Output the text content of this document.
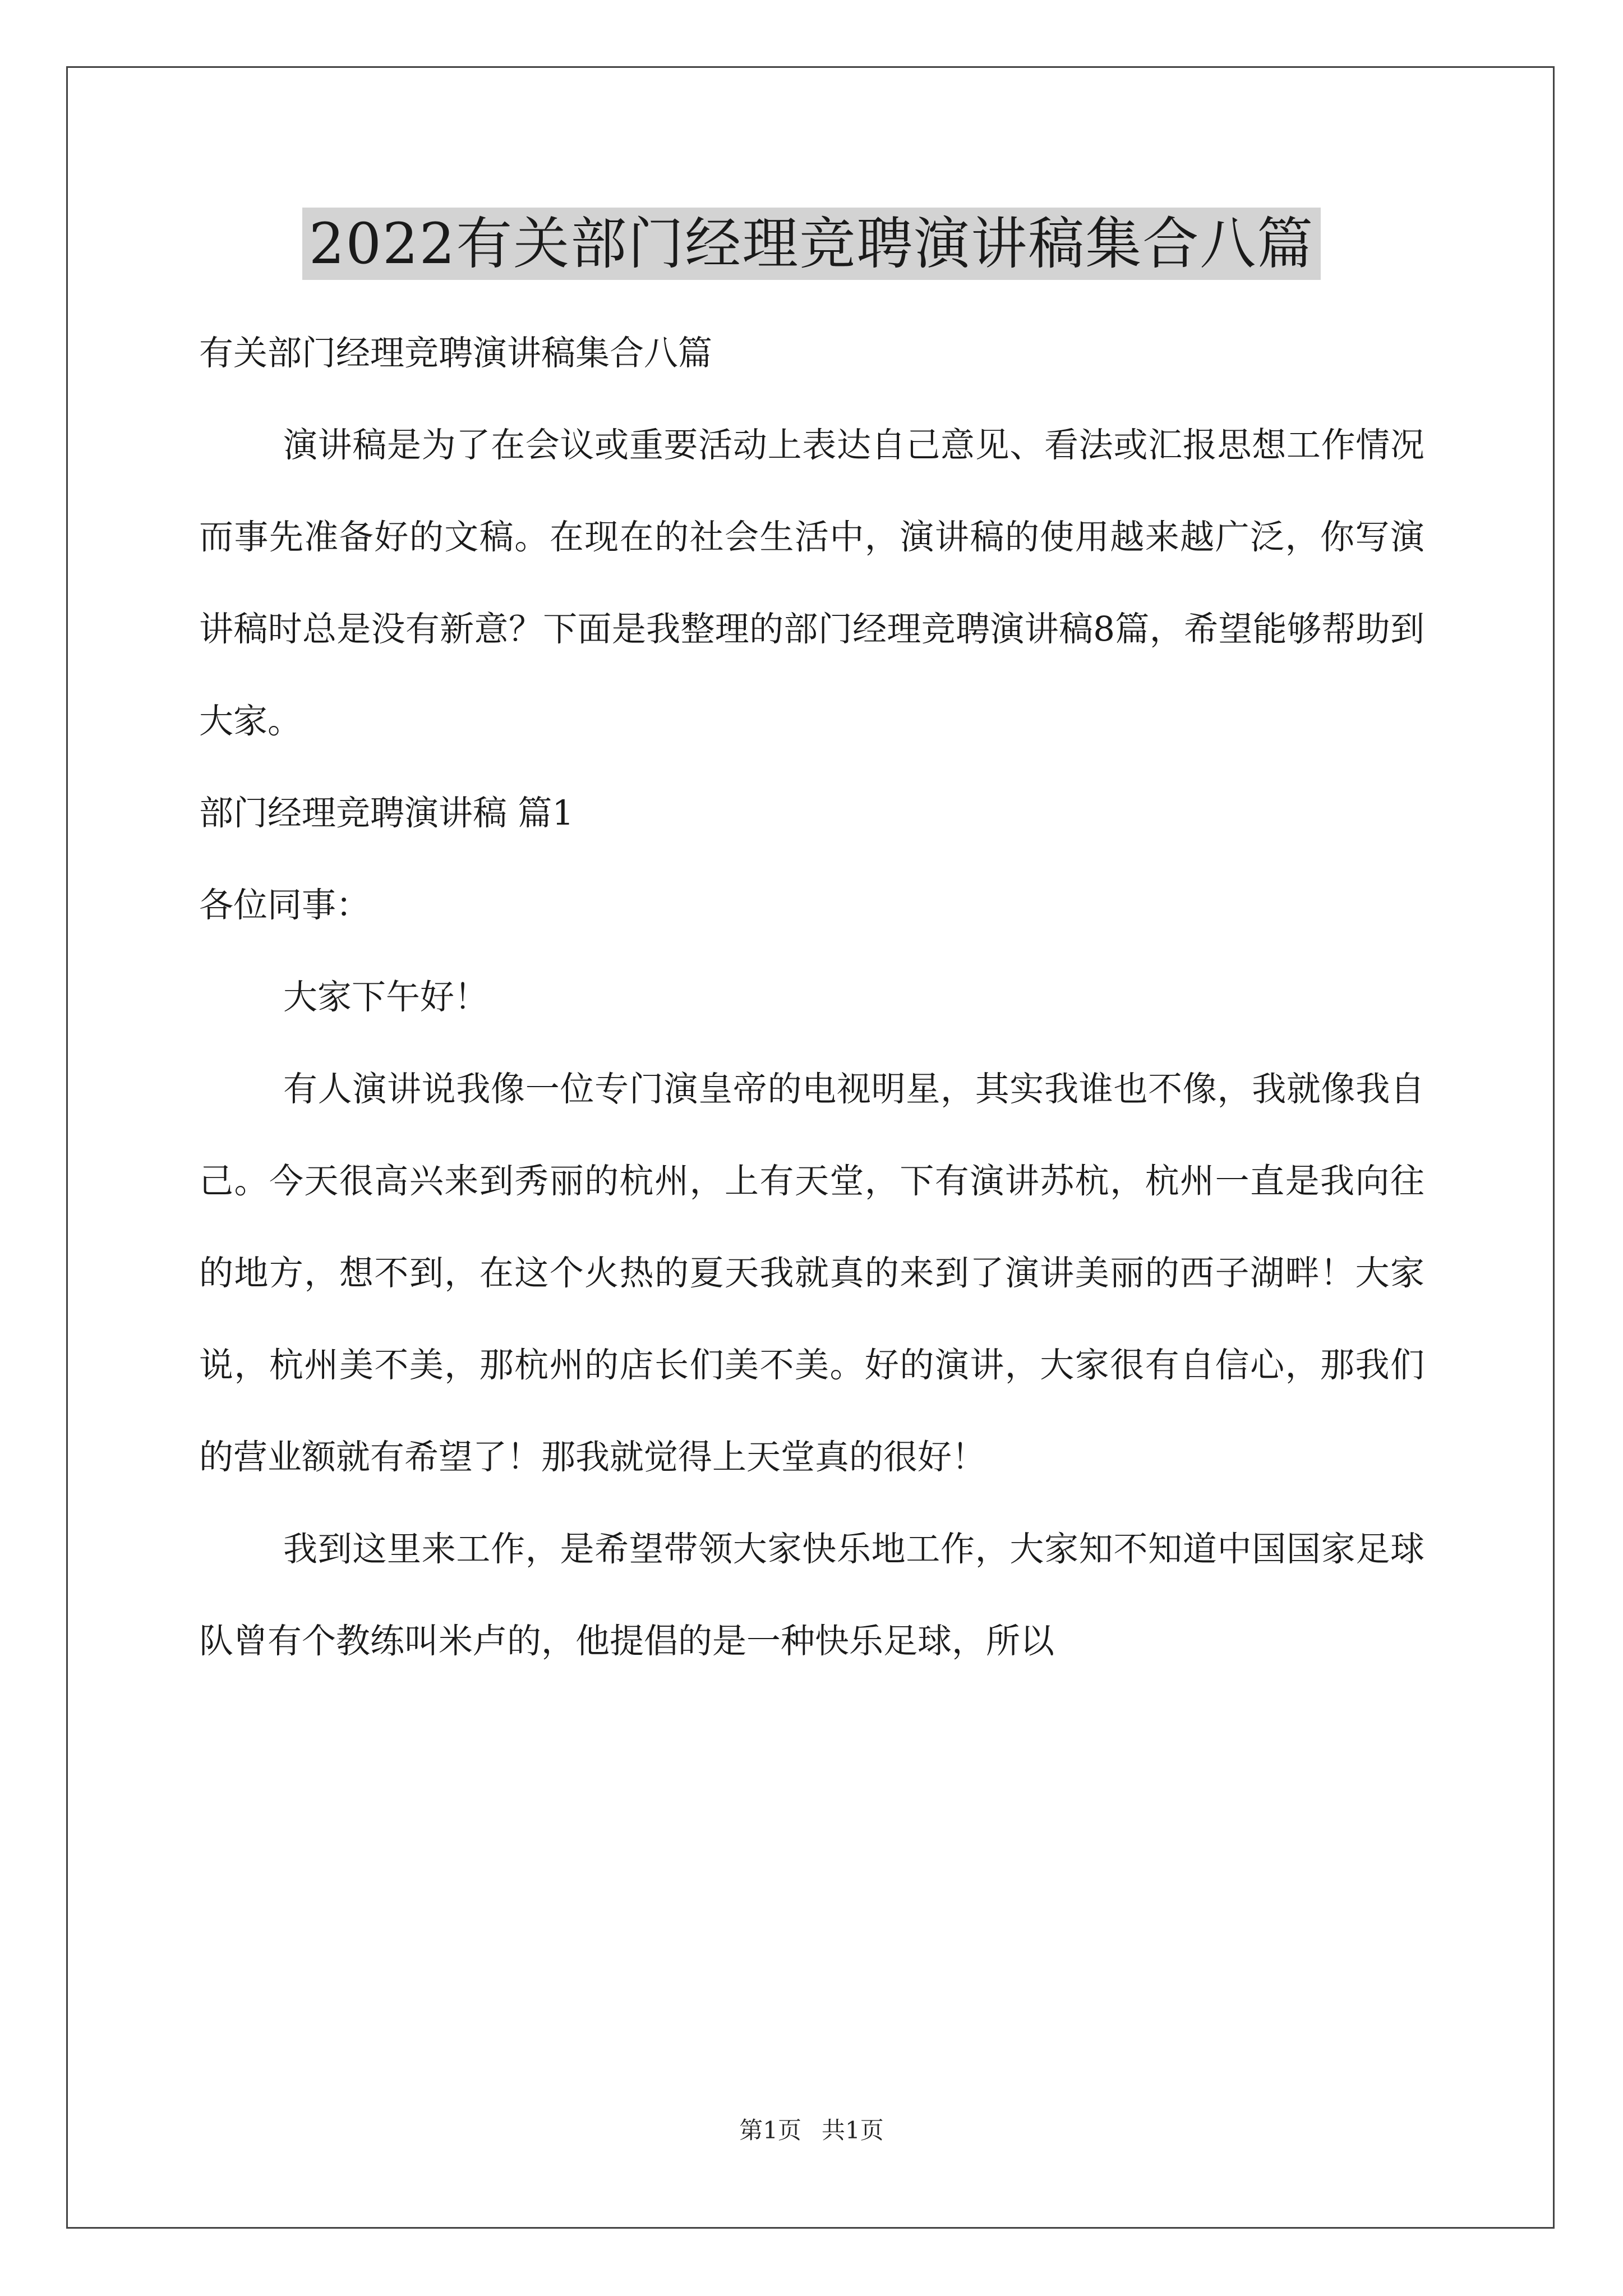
2022有关部门经理竞聘演讲稿集合八篇

有关部门经理竞聘演讲稿集合八篇

演讲稿是为了在会议或重要活动上表达自己意见、看法或汇报思想工作情况而事先准备好的文稿。在现在的社会生活中，演讲稿的使用越来越广泛，你写演讲稿时总是没有新意？下面是我整理的部门经理竞聘演讲稿8篇，希望能够帮助到大家。

部门经理竞聘演讲稿 篇1

各位同事：

大家下午好！

有人演讲说我像一位专门演皇帝的电视明星，其实我谁也不像，我就像我自己。今天很高兴来到秀丽的杭州，上有天堂，下有演讲苏杭，杭州一直是我向往的地方，想不到，在这个火热的夏天我就真的来到了演讲美丽的西子湖畔！大家说，杭州美不美，那杭州的店长们美不美。好的演讲，大家很有自信心，那我们的营业额就有希望了！那我就觉得上天堂真的很好！

我到这里来工作，是希望带领大家快乐地工作，大家知不知道中国国家足球队曾有个教练叫米卢的，他提倡的是一种快乐足球，所以

第1页 共1页
